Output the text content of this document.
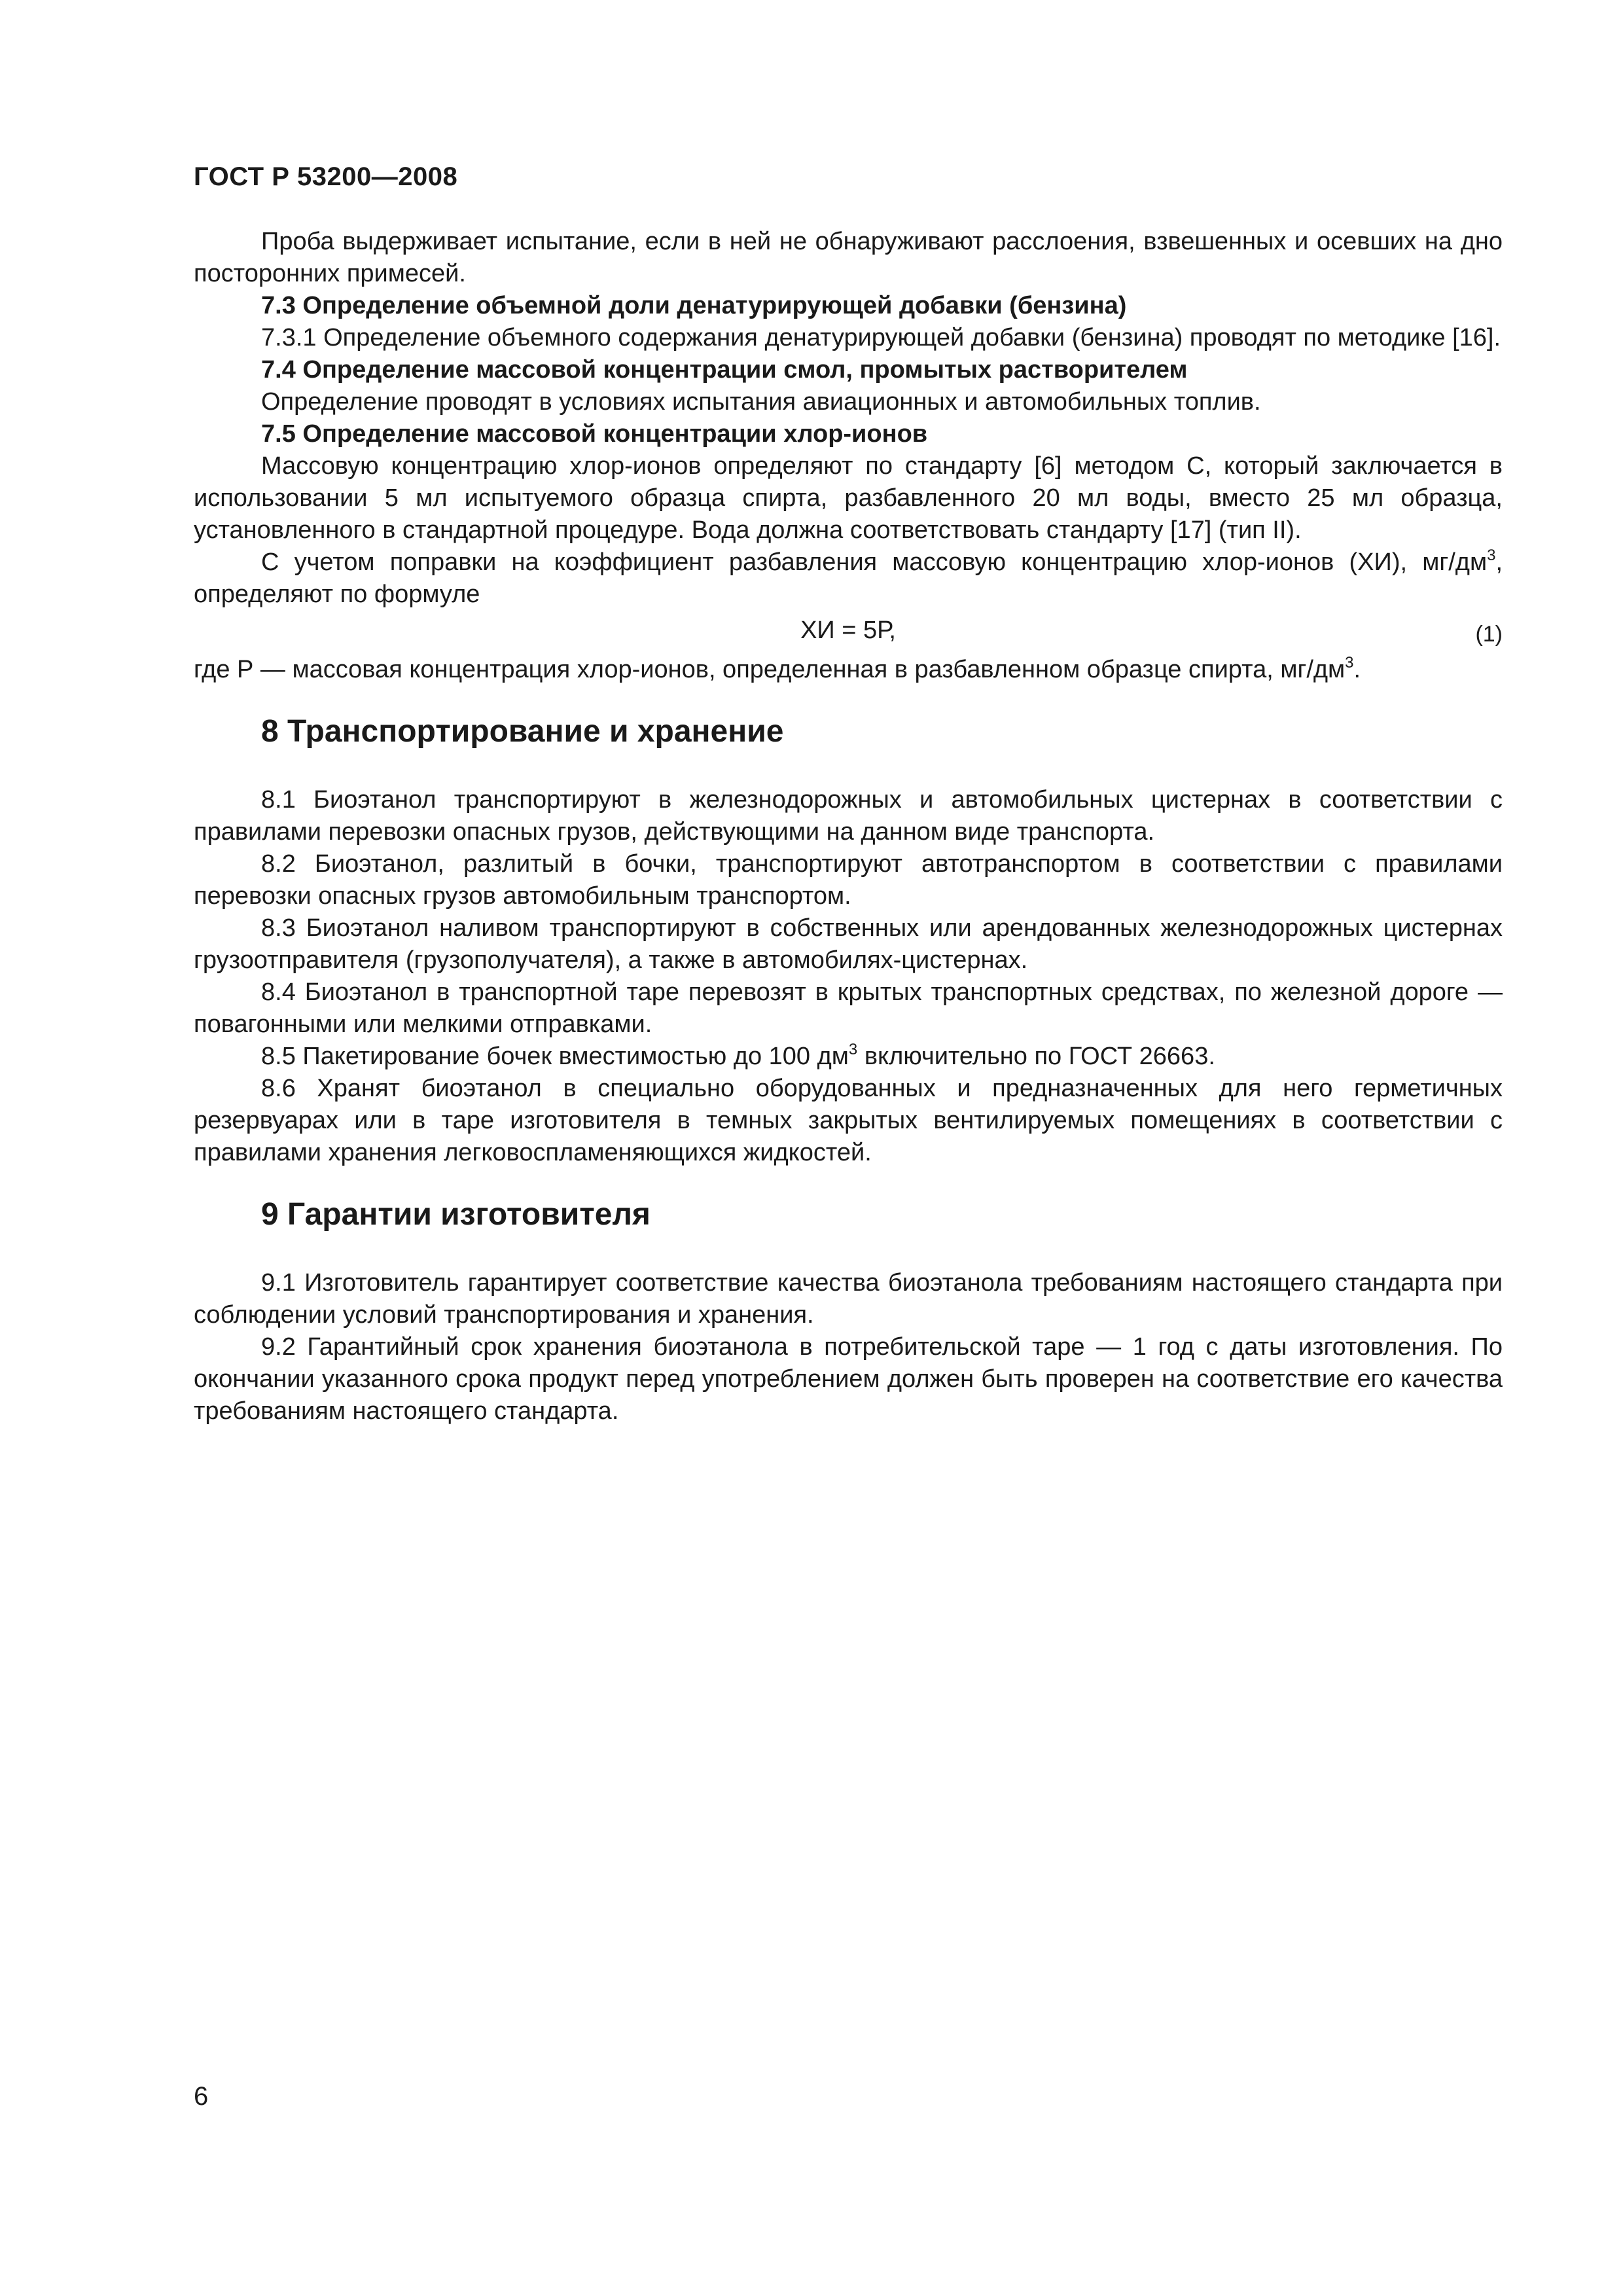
ГОСТ Р 53200—2008

Проба выдерживает испытание, если в ней не обнаруживают расслоения, взвешенных и осевших на дно посторонних примесей.

7.3 Определение объемной доли денатурирующей добавки (бензина)

7.3.1 Определение объемного содержания денатурирующей добавки (бензина) проводят по методике [16].

7.4 Определение массовой концентрации смол, промытых растворителем

Определение проводят в условиях испытания авиационных и автомобильных топлив.

7.5 Определение массовой концентрации хлор-ионов

Массовую концентрацию хлор-ионов определяют по стандарту [6] методом С, который заключается в использовании 5 мл испытуемого образца спирта, разбавленного 20 мл воды, вместо 25 мл образца, установленного в стандартной процедуре. Вода должна соответствовать стандарту [17] (тип II).

С учетом поправки на коэффициент разбавления массовую концентрацию хлор-ионов (ХИ), $мг/дм^3$, определяют по формуле

ХИ = 5Р,	(1)

где Р — массовая концентрация хлор-ионов, определенная в разбавленном образце спирта, $мг/дм^3$.

8 Транспортирование и хранение

8.1 Биоэтанол транспортируют в железнодорожных и автомобильных цистернах в соответствии с правилами перевозки опасных грузов, действующими на данном виде транспорта.

8.2 Биоэтанол, разлитый в бочки, транспортируют автотранспортом в соответствии с правилами перевозки опасных грузов автомобильным транспортом.

8.3 Биоэтанол наливом транспортируют в собственных или арендованных железнодорожных цистернах грузоотправителя (грузополучателя), а также в автомобилях-цистернах.

8.4 Биоэтанол в транспортной таре перевозят в крытых транспортных средствах, по железной дороге — повагонными или мелкими отправками.

8.5 Пакетирование бочек вместимостью до 100 $дм^3$ включительно по ГОСТ 26663.

8.6 Хранят биоэтанол в специально оборудованных и предназначенных для него герметичных резервуарах или в таре изготовителя в темных закрытых вентилируемых помещениях в соответствии с правилами хранения легковоспламеняющихся жидкостей.

9 Гарантии изготовителя

9.1 Изготовитель гарантирует соответствие качества биоэтанола требованиям настоящего стандарта при соблюдении условий транспортирования и хранения.

9.2 Гарантийный срок хранения биоэтанола в потребительской таре — 1 год с даты изготовления. По окончании указанного срока продукт перед употреблением должен быть проверен на соответствие его качества требованиям настоящего стандарта.

6
